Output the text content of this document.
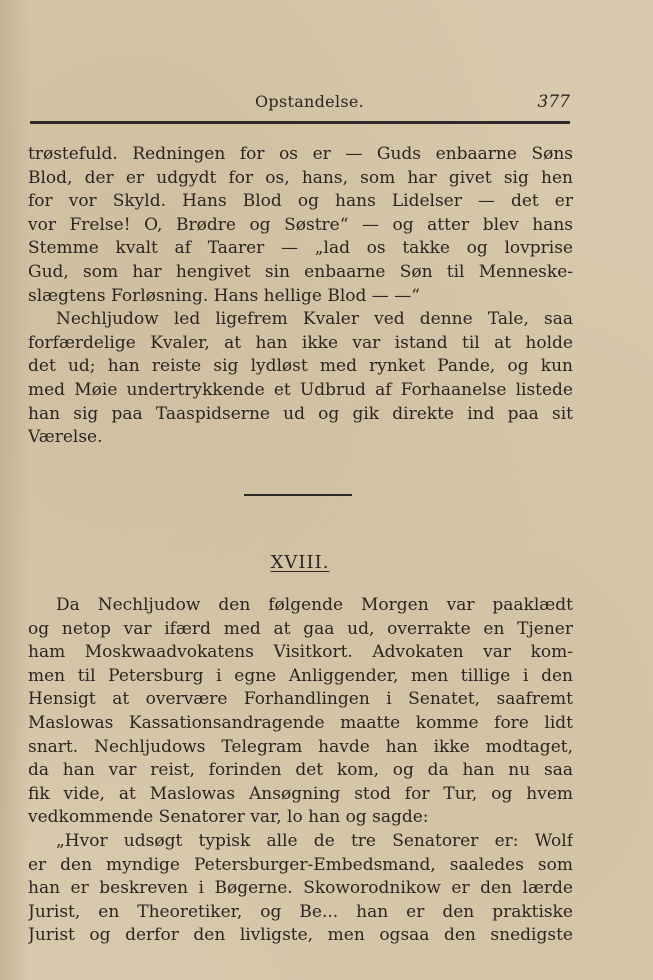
Opstandelse.	377
trøstefuld. Redningen for os er — Guds enbaarne Søns
Blod, der er udgydt for os, hans, som har givet sig hen
for vor Skyld. Hans Blod og hans Lidelser — det er
vor Frelse! O, Brødre og Søstre“ — og atter blev hans
Stemme kvalt af Taarer — „lad os takke og lovprise
Gud, som har hengivet sin enbaarne Søn til Menneske-
slægtens Forløsning. Hans hellige Blod — —“
Nechljudow led ligefrem Kvaler ved denne Tale, saa
forfærdelige Kvaler, at han ikke var istand til at holde
det ud; han reiste sig lydløst med rynket Pande, og kun
med Møie undertrykkende et Udbrud af Forhaanelse listede
han sig paa Taaspidserne ud og gik direkte ind paa sit
Værelse.
XVIII.
Da Nechljudow den følgende Morgen var paaklædt
og netop var ifærd med at gaa ud, overrakte en Tjener
ham Moskwaadvokatens Visitkort. Advokaten var kom-
men til Petersburg i egne Anliggender, men tillige i den
Hensigt at overvære Forhandlingen i Senatet, saafremt
Maslowas Kassationsandragende maatte komme fore lidt
snart. Nechljudows Telegram havde han ikke modtaget,
da han var reist, forinden det kom, og da han nu saa
fik vide, at Maslowas Ansøgning stod for Tur, og hvem
vedkommende Senatorer var, lo han og sagde:
„Hvor udsøgt typisk alle de tre Senatorer er: Wolf
er den myndige Petersburger-Embedsmand, saaledes som
han er beskreven i Bøgerne. Skoworodnikow er den lærde
Jurist, en Theoretiker, og Be... han er den praktiske
Jurist og derfor den livligste, men ogsaa den snedigste
